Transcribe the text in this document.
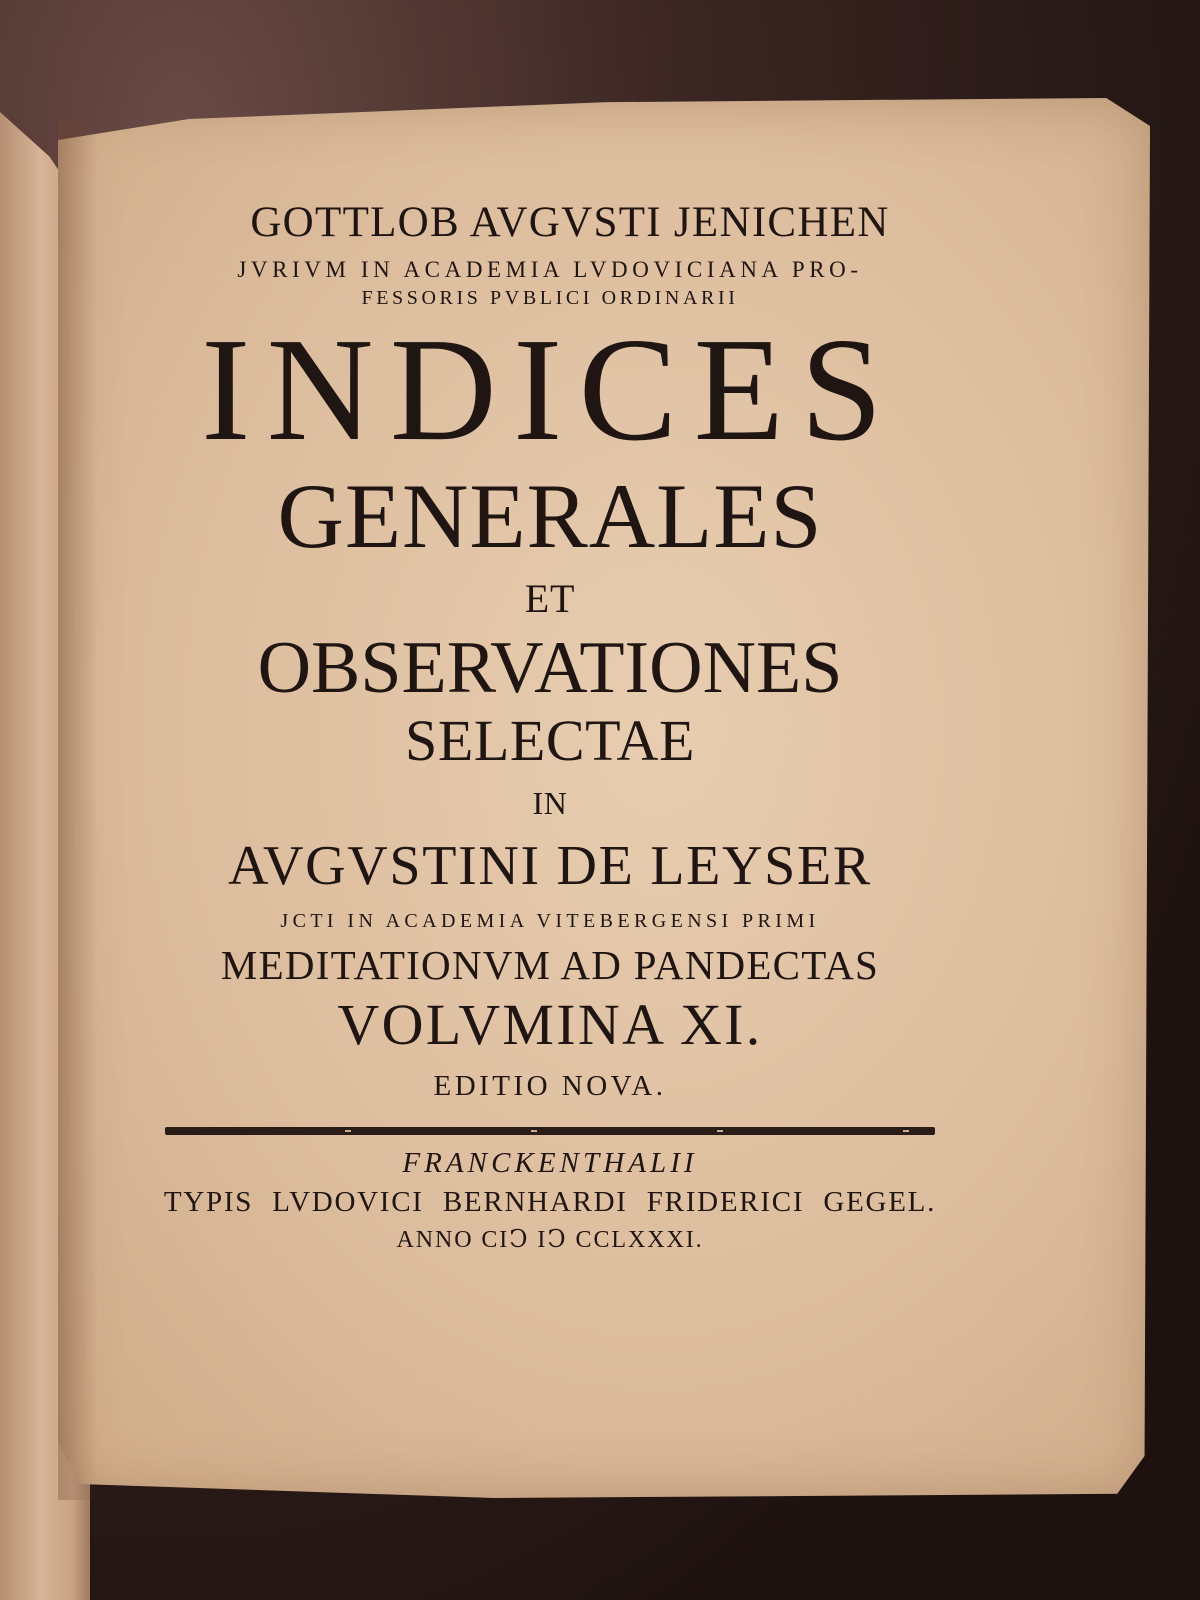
GOTTLOB AVGVSTI JENICHEN
JVRIVM IN ACADEMIA LVDOVICIANA PRO-
FESSORIS PVBLICI ORDINARII
INDICES
GENERALES
ET
OBSERVATIONES
SELECTAE
IN
AVGVSTINI DE LEYSER
JCTI IN ACADEMIA VITEBERGENSI PRIMI
MEDITATIONVM AD PANDECTAS
VOLVMINA XI.
EDITIO NOVA.
FRANCKENTHALII
TYPIS LVDOVICI BERNHARDI FRIDERICI GEGEL.
ANNO CIↃ IↃ CCLXXXI.
